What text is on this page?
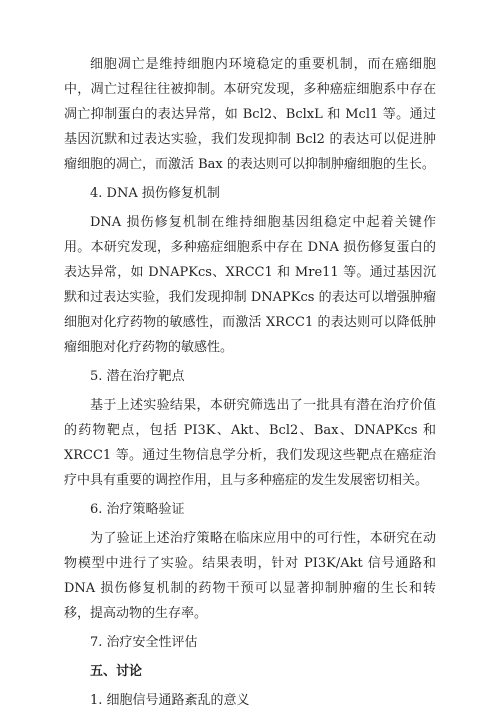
细胞凋亡是维持细胞内环境稳定的重要机制，而在癌细胞中，凋亡过程往往被抑制。本研究发现，多种癌症细胞系中存在凋亡抑制蛋白的表达异常，如 Bcl2、BclxL 和 Mcl1 等。通过基因沉默和过表达实验，我们发现抑制 Bcl2 的表达可以促进肿瘤细胞的凋亡，而激活 Bax 的表达则可以抑制肿瘤细胞的生长。

4. DNA 损伤修复机制

DNA 损伤修复机制在维持细胞基因组稳定中起着关键作用。本研究发现，多种癌症细胞系中存在 DNA 损伤修复蛋白的表达异常，如 DNAPKcs、XRCC1 和 Mre11 等。通过基因沉默和过表达实验，我们发现抑制 DNAPKcs 的表达可以增强肿瘤细胞对化疗药物的敏感性，而激活 XRCC1 的表达则可以降低肿瘤细胞对化疗药物的敏感性。

5. 潜在治疗靶点

基于上述实验结果，本研究筛选出了一批具有潜在治疗价值的药物靶点，包括 PI3K、Akt、Bcl2、Bax、DNAPKcs 和 XRCC1 等。通过生物信息学分析，我们发现这些靶点在癌症治疗中具有重要的调控作用，且与多种癌症的发生发展密切相关。

6. 治疗策略验证

为了验证上述治疗策略在临床应用中的可行性，本研究在动物模型中进行了实验。结果表明，针对 PI3K/Akt 信号通路和 DNA 损伤修复机制的药物干预可以显著抑制肿瘤的生长和转移，提高动物的生存率。

7. 治疗安全性评估

五、讨论

1. 细胞信号通路紊乱的意义
